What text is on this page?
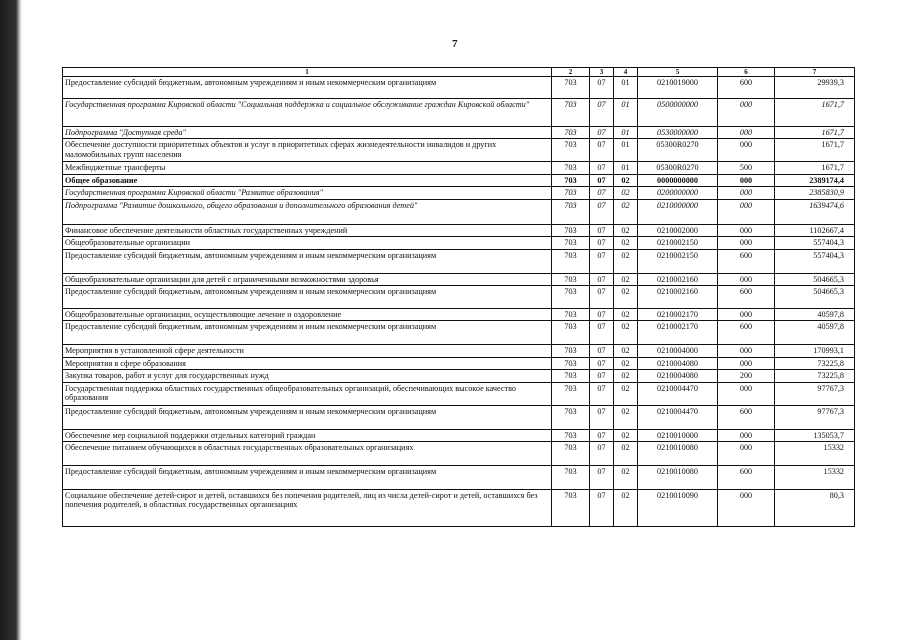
7
1	2	3	4	5	6	7
Предоставление субсидий бюджетным, автономным учреждениям и иным некоммерческим организациям	703	07	01	0210019000	600	29939,3
Государственная программа Кировской области "Социальная поддержка и социальное обслуживание граждан Кировской области"	703	07	01	0500000000	000	1671,7
Подпрограмма "Доступная среда"	703	07	01	0530000000	000	1671,7
Обеспечение доступности приоритетных объектов и услуг в приоритетных сферах жизнедеятельности инвалидов и других маломобильных групп населения	703	07	01	05300R0270	000	1671,7
Межбюджетные трансферты	703	07	01	05300R0270	500	1671,7
Общее образование	703	07	02	0000000000	000	2389174,4
Государственная программа Кировской области "Развитие образования"	703	07	02	0200000000	000	2385830,9
Подпрограмма "Развитие дошкольного, общего образования и дополнительного образования детей"	703	07	02	0210000000	000	1639474,6
Финансовое обеспечение деятельности областных государственных учреждений	703	07	02	0210002000	000	1102667,4
Общеобразовательные организации	703	07	02	0210002150	000	557404,3
Предоставление субсидий бюджетным, автономным учреждениям и иным некоммерческим организациям	703	07	02	0210002150	600	557404,3
Общеобразовательные организации для детей с ограниченными возможностями здоровья	703	07	02	0210002160	000	504665,3
Предоставление субсидий бюджетным, автономным учреждениям и иным некоммерческим организациям	703	07	02	0210002160	600	504665,3
Общеобразовательные организации, осуществляющие лечение и оздоровление	703	07	02	0210002170	000	40597,8
Предоставление субсидий бюджетным, автономным учреждениям и иным некоммерческим организациям	703	07	02	0210002170	600	40597,8
Мероприятия в установленной сфере деятельности	703	07	02	0210004000	000	170993,1
Мероприятия в сфере образования	703	07	02	0210004080	000	73225,8
Закупка товаров, работ и услуг для государственных нужд	703	07	02	0210004080	200	73225,8
Государственная поддержка областных государственных общеобразовательных организаций, обеспечивающих высокое качество образования	703	07	02	0210004470	000	97767,3
Предоставление субсидий бюджетным, автономным учреждениям и иным некоммерческим организациям	703	07	02	0210004470	600	97767,3
Обеспечение мер социальной поддержки отдельных категорий граждан	703	07	02	0210010000	000	135053,7
Обеспечение питанием обучающихся в областных государственных образовательных организациях	703	07	02	0210010080	000	15332
Предоставление субсидий бюджетным, автономным учреждениям и иным некоммерческим организациям	703	07	02	0210010080	600	15332
Социальное обеспечение детей-сирот и детей, оставшихся без попечения родителей, лиц из числа детей-сирот и детей, оставшихся без попечения родителей, в областных государственных организациях	703	07	02	0210010090	000	80,3
